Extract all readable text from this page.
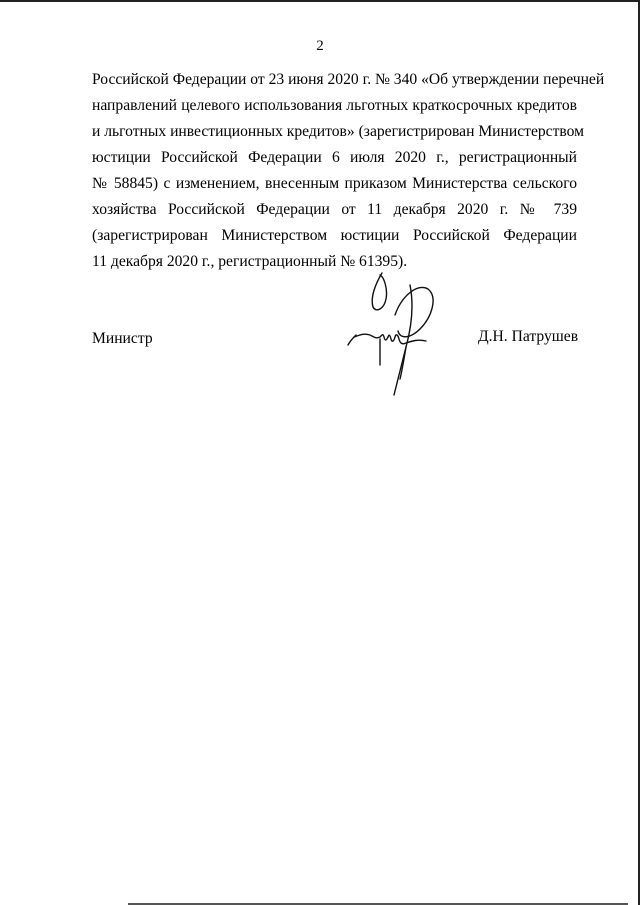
2
Российской Федерации от 23 июня 2020 г. № 340 «Об утверждении перечней
направлений целевого использования льготных краткосрочных кредитов
и льготных инвестиционных кредитов» (зарегистрирован Министерством
юстиции Российской Федерации 6 июля 2020 г., регистрационный
№ 58845) с изменением, внесенным приказом Министерства сельского
хозяйства Российской Федерации от 11 декабря 2020 г. № 739
(зарегистрирован Министерством юстиции Российской Федерации
11 декабря 2020 г., регистрационный № 61395).
Министр	Д.Н. Патрушев
